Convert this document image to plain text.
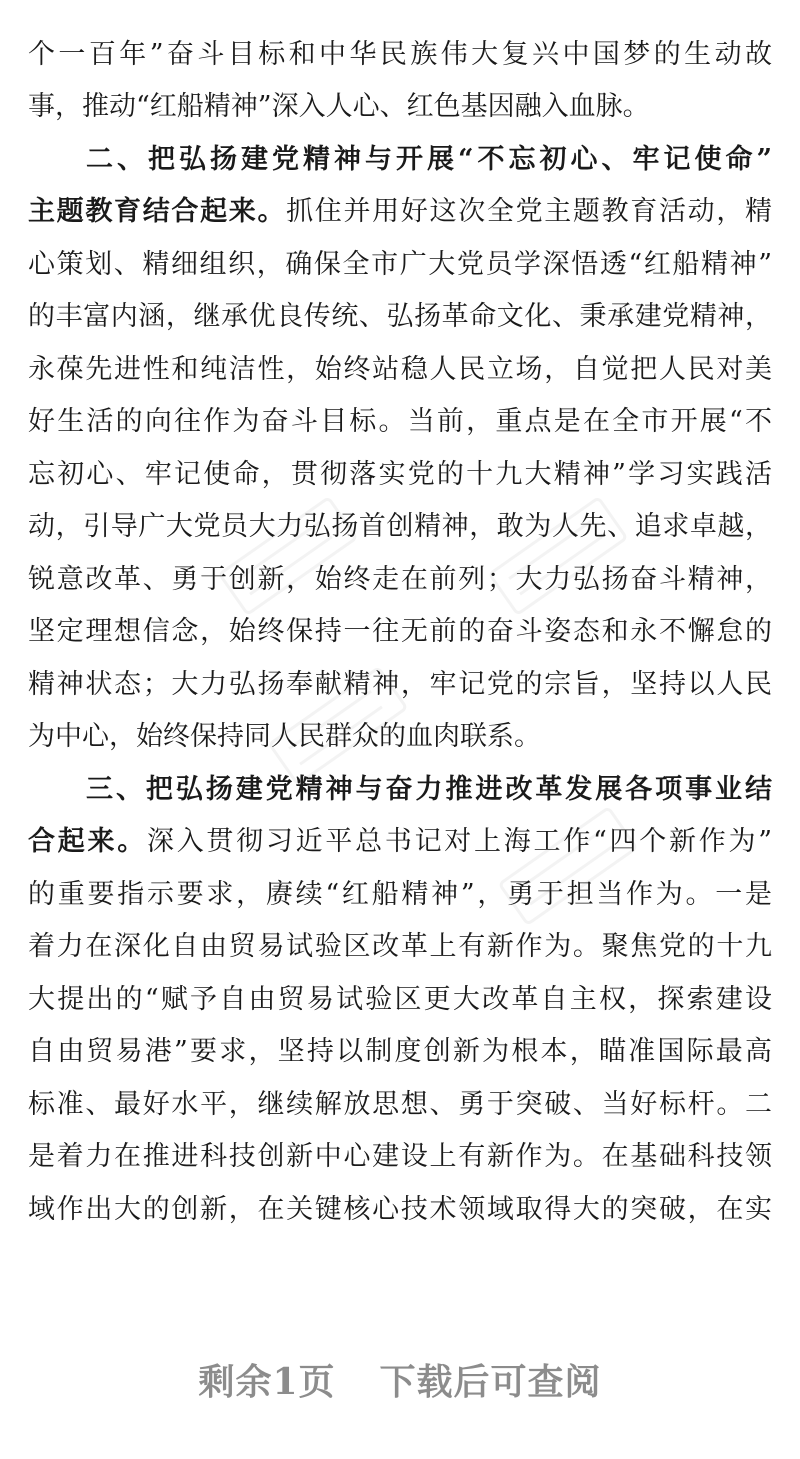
个一百年”奋斗目标和中华民族伟大复兴中国梦的生动故
事，推动“红船精神”深入人心、红色基因融入血脉。
二、把弘扬建党精神与开展“不忘初心、牢记使命”
主题教育结合起来。抓住并用好这次全党主题教育活动，精
心策划、精细组织，确保全市广大党员学深悟透“红船精神”
的丰富内涵，继承优良传统、弘扬革命文化、秉承建党精神，
永葆先进性和纯洁性，始终站稳人民立场，自觉把人民对美
好生活的向往作为奋斗目标。当前，重点是在全市开展“不
忘初心、牢记使命，贯彻落实党的十九大精神”学习实践活
动，引导广大党员大力弘扬首创精神，敢为人先、追求卓越，
锐意改革、勇于创新，始终走在前列；大力弘扬奋斗精神，
坚定理想信念，始终保持一往无前的奋斗姿态和永不懈怠的
精神状态；大力弘扬奉献精神，牢记党的宗旨，坚持以人民
为中心，始终保持同人民群众的血肉联系。
三、把弘扬建党精神与奋力推进改革发展各项事业结
合起来。深入贯彻习近平总书记对上海工作“四个新作为”
的重要指示要求，赓续“红船精神”，勇于担当作为。一是
着力在深化自由贸易试验区改革上有新作为。聚焦党的十九
大提出的“赋予自由贸易试验区更大改革自主权，探索建设
自由贸易港”要求，坚持以制度创新为根本，瞄准国际最高
标准、最好水平，继续解放思想、勇于突破、当好标杆。二
是着力在推进科技创新中心建设上有新作为。在基础科技领
域作出大的创新，在关键核心技术领域取得大的突破，在实
剩余1页 下载后可查阅
